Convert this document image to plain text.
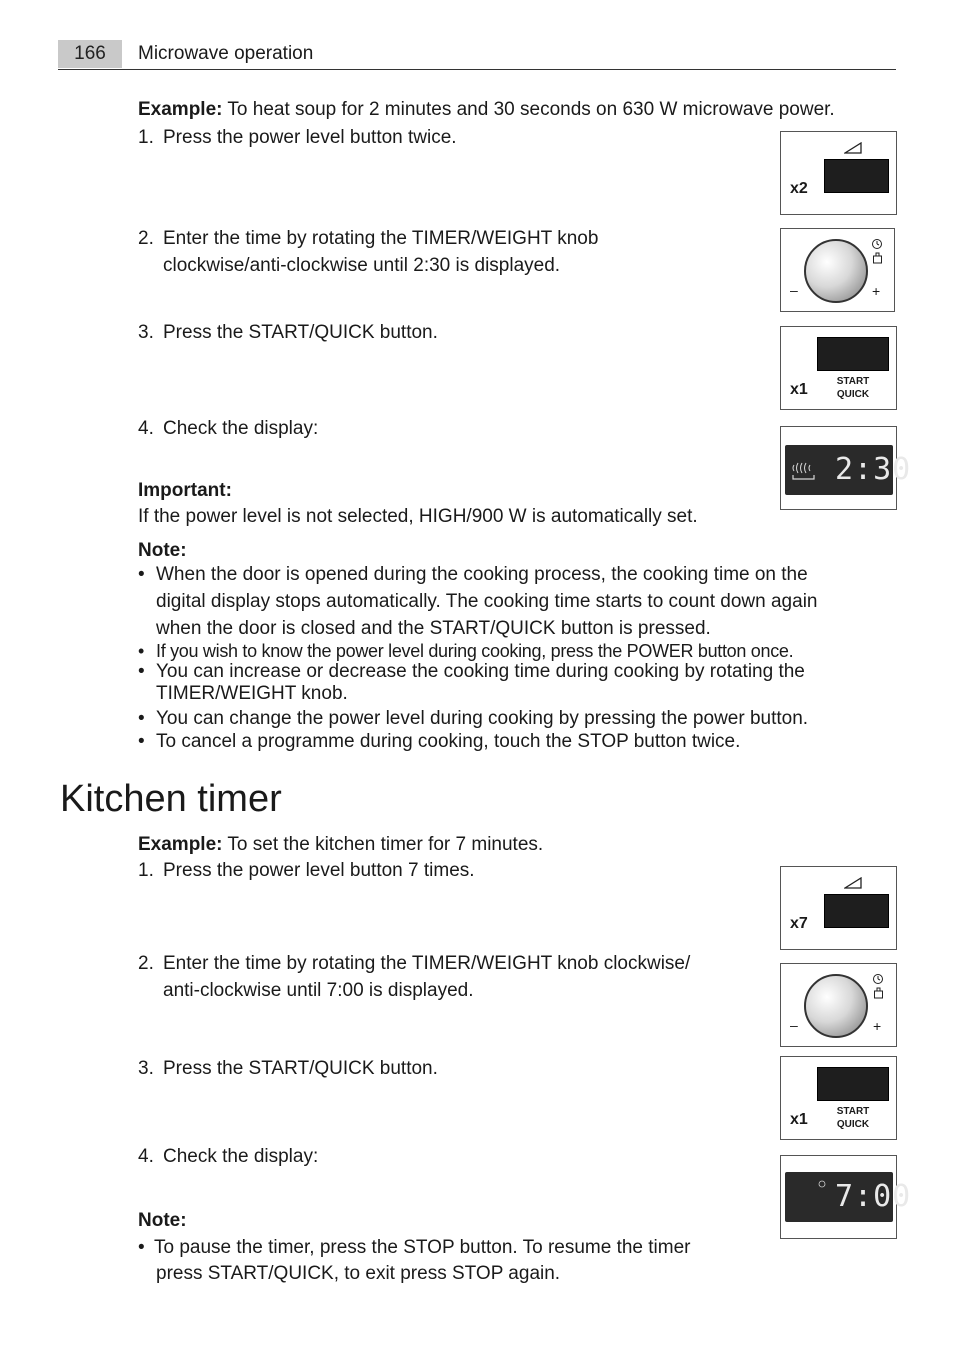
166	Microwave operation
Example: To heat soup for 2 minutes and 30 seconds on 630 W microwave power.
1. Press the power level button twice.
2. Enter the time by rotating the TIMER/WEIGHT knob
clockwise/anti-clockwise until 2:30 is displayed.
3. Press the START/QUICK button.
4. Check the display:
Important:
If the power level is not selected, HIGH/900 W is automatically set.
Note:
• When the door is opened during the cooking process, the cooking time on the
digital display stops automatically. The cooking time starts to count down again
when the door is closed and the START/QUICK button is pressed.
• If you wish to know the power level during cooking, press the POWER button once.
• You can increase or decrease the cooking time during cooking by rotating the
TIMER/WEIGHT knob.
• You can change the power level during cooking by pressing the power button.
• To cancel a programme during cooking, touch the STOP button twice.
Kitchen timer
Example: To set the kitchen timer for 7 minutes.
1. Press the power level button 7 times.
2. Enter the time by rotating the TIMER/WEIGHT knob clockwise/
anti-clockwise until 7:00 is displayed.
3. Press the START/QUICK button.
4. Check the display:
Note:
• To pause the timer, press the STOP button. To resume the timer
press START/QUICK, to exit press STOP again.
x2
–	+
START
QUICK
x1
2:30
x7
–	+
START
QUICK
x1
7:00
